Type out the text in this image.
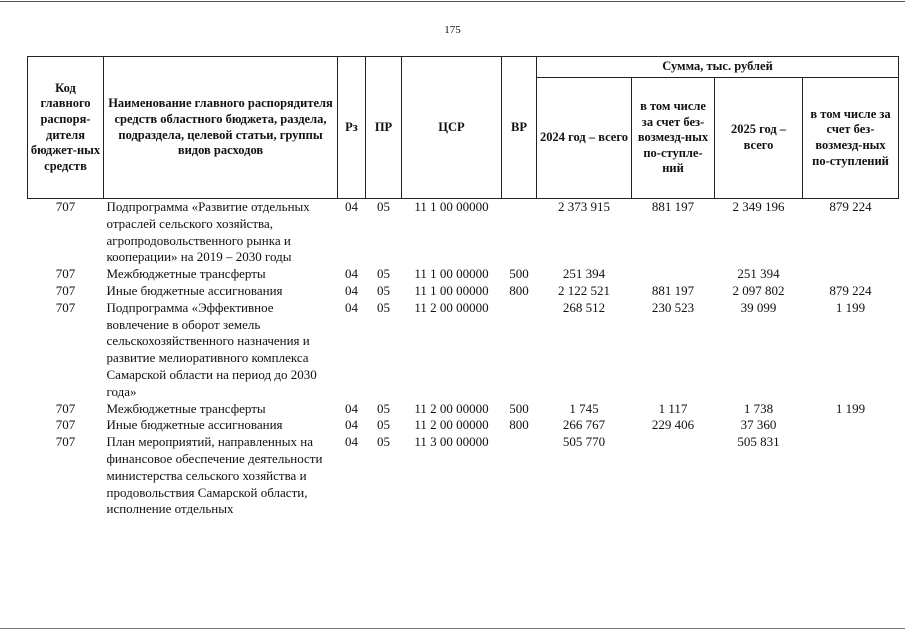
175
Код главного распоря-дителя бюджет-ных средств	Наименование главного распорядителя средств областного бюджета, раздела, подраздела, целевой статьи, группы видов расходов	Рз	ПР	ЦСР	ВР	Сумма, тыс. рублей			
						2024 год – всего	в том числе за счет без-возмезд-ных по-ступле-ний	2025 год – всего	в том числе за счет без-возмезд-ных по-ступлений
707	Подпрограмма «Развитие отдельных отраслей сельского хозяйства, агропродовольственного рынка и кооперации» на 2019 – 2030 годы	04	05	11 1 00 00000		2 373 915	881 197	2 349 196	879 224
707	Межбюджетные трансферты	04	05	11 1 00 00000	500	251 394		251 394	
707	Иные бюджетные ассигнования	04	05	11 1 00 00000	800	2 122 521	881 197	2 097 802	879 224
707	Подпрограмма «Эффективное вовлечение в оборот земель сельскохозяйственного назначения и развитие мелиоративного комплекса Самарской области на период до 2030 года»	04	05	11 2 00 00000		268 512	230 523	39 099	1 199
707	Межбюджетные трансферты	04	05	11 2 00 00000	500	1 745	1 117	1 738	1 199
707	Иные бюджетные ассигнования	04	05	11 2 00 00000	800	266 767	229 406	37 360	
707	План мероприятий, направленных на финансовое обеспечение деятельности министерства сельского хозяйства и продовольствия Самарской области, исполнение отдельных	04	05	11 3 00 00000		505 770		505 831	
